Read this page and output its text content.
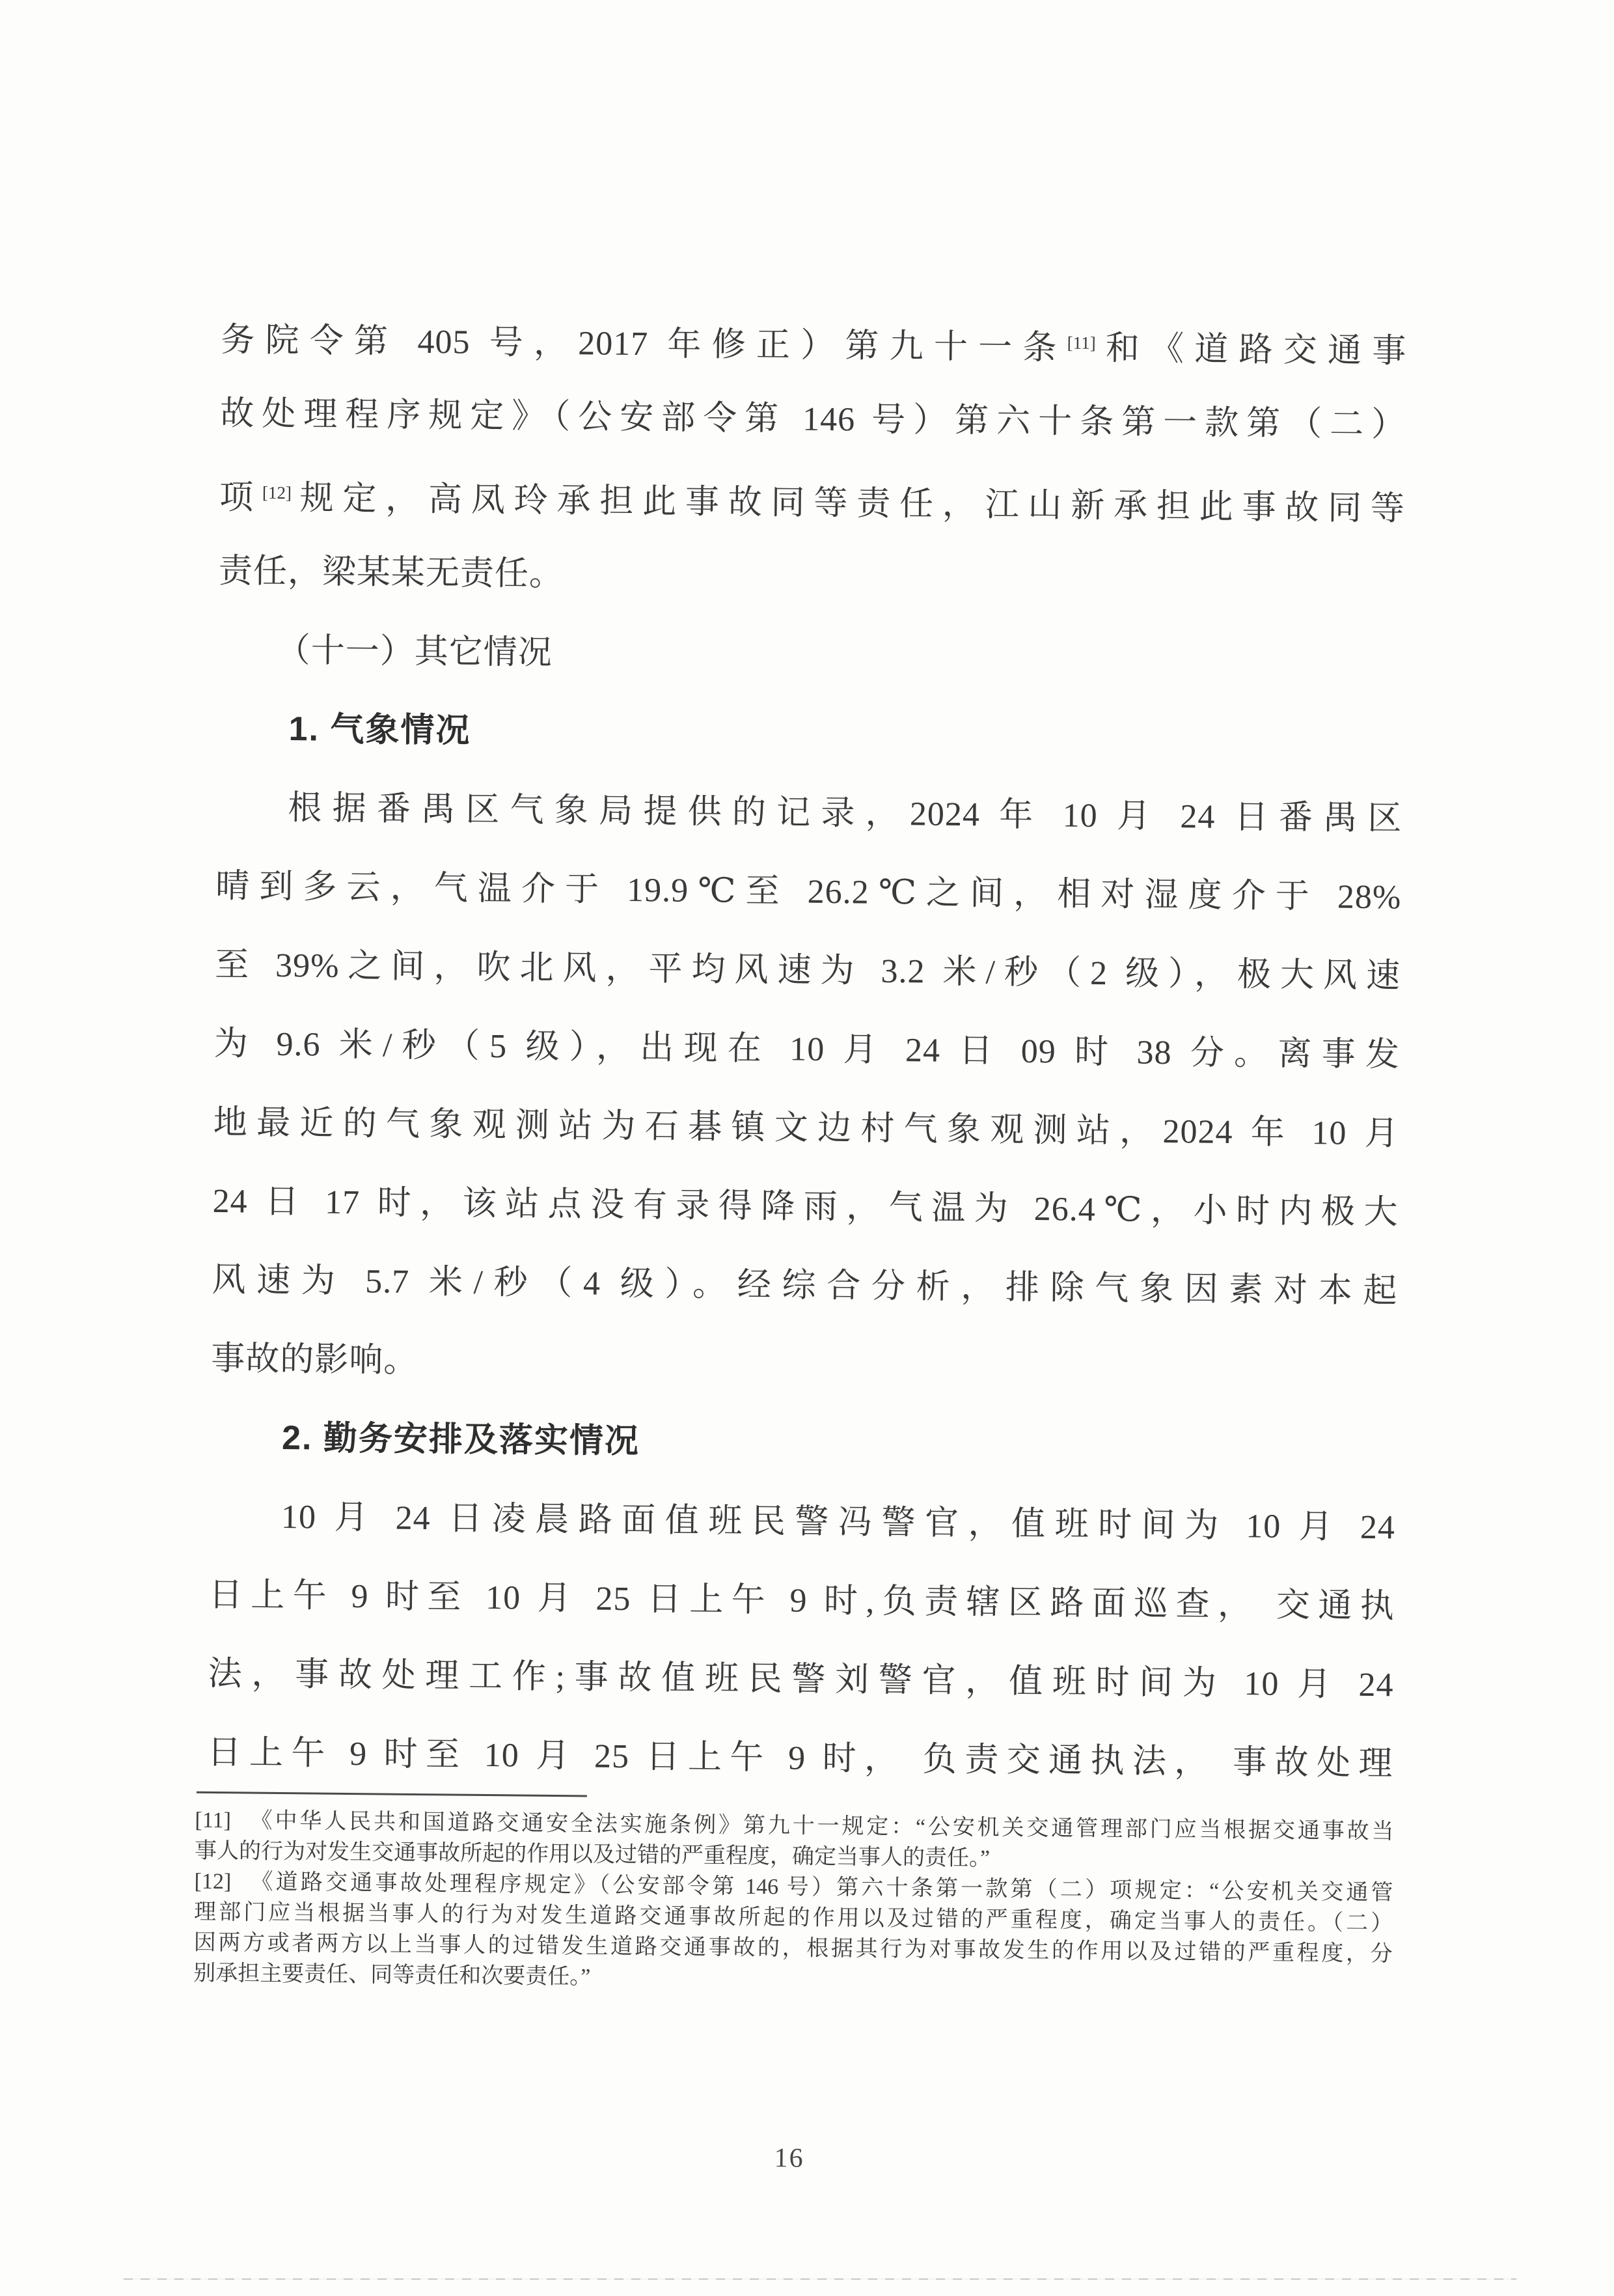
务院令第 405 号，2017 年修正）第九十一条[11]和《道路交通事
故处理程序规定》（公安部令第 146 号）第六十条第一款第（二）
项[12]规定，高凤玲承担此事故同等责任，江山新承担此事故同等
责任，梁某某无责任。
（十一）其它情况
1. 气象情况
根据番禺区气象局提供的记录，2024 年 10 月 24 日番禺区
晴到多云，气温介于 19.9℃至 26.2℃之间，相对湿度介于 28%
至 39%之间，吹北风，平均风速为 3.2 米/秒（2 级），极大风速
为 9.6 米/秒（5 级），出现在 10 月 24 日 09 时 38 分。离事发
地最近的气象观测站为石碁镇文边村气象观测站，2024 年 10 月
24 日 17 时，该站点没有录得降雨，气温为 26.4℃，小时内极大
风速为 5.7 米/秒（4 级）。经综合分析，排除气象因素对本起
事故的影响。
2. 勤务安排及落实情况
10 月 24 日凌晨路面值班民警冯警官，值班时间为 10 月 24
日上午 9 时至 10 月 25 日上午 9 时,负责辖区路面巡查， 交通执
法，事故处理工作;事故值班民警刘警官，值班时间为 10 月 24
日上午 9 时至 10 月 25 日上午 9 时， 负责交通执法， 事故处理
[11] 《中华人民共和国道路交通安全法实施条例》第九十一规定：“公安机关交通管理部门应当根据交通事故当
事人的行为对发生交通事故所起的作用以及过错的严重程度，确定当事人的责任。”
[12] 《道路交通事故处理程序规定》（公安部令第 146 号）第六十条第一款第（二）项规定：“公安机关交通管
理部门应当根据当事人的行为对发生道路交通事故所起的作用以及过错的严重程度，确定当事人的责任。（二）
因两方或者两方以上当事人的过错发生道路交通事故的，根据其行为对事故发生的作用以及过错的严重程度，分
别承担主要责任、同等责任和次要责任。”
16
